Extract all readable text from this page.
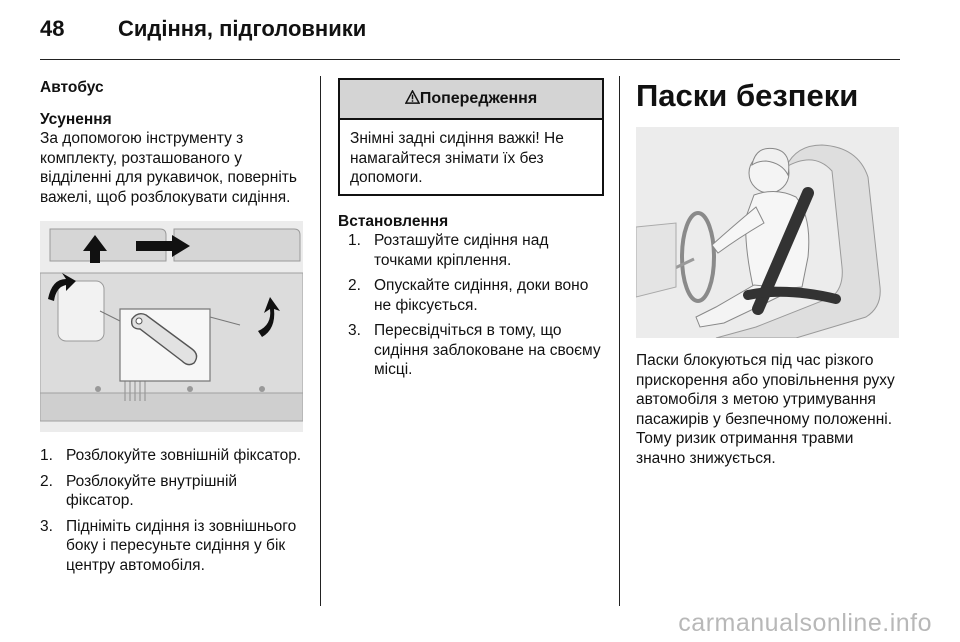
48 Сидіння, підголовники

Автобус

Усунення

За допомогою інструменту з комплекту, розташованого у відділенні для рукавичок, поверніть важелі, щоб розблокувати сидіння.

1. Розблокуйте зовнішній фіксатор.
2. Розблокуйте внутрішній фіксатор.
3. Підніміть сидіння із зовнішнього боку і пересуньте сидіння у бік центру автомобіля.
Попередження
Знімні задні сидіння важкі! Не намагайтеся знімати їх без допомоги.

Встановлення

1. Розташуйте сидіння над точками кріплення.
2. Опускайте сидіння, доки воно не фіксується.
3. Пересвідчіться в тому, що сидіння заблоковане на своєму місці.
Паски безпеки

Паски блокуються під час різкого прискорення або уповільнення руху автомобіля з метою утримування пасажирів у безпечному положенні. Тому ризик отримання травми значно знижується.

carmanualsonline.info
